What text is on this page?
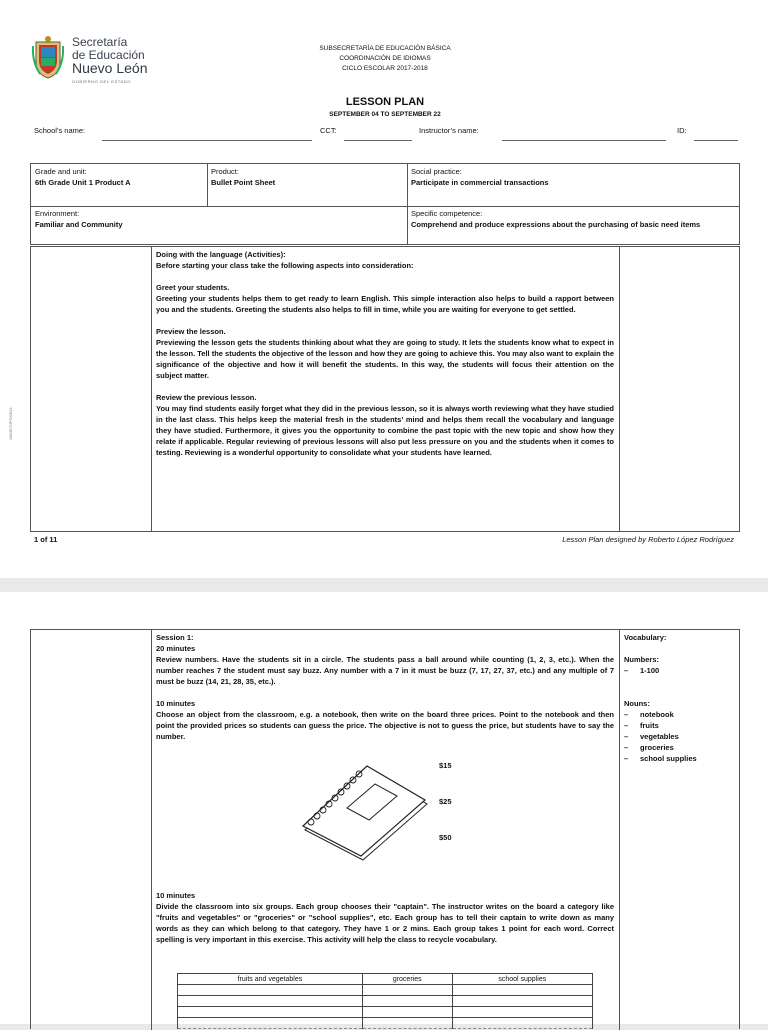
Secretaría
de Educación
Nuevo León
GOBIERNO DEL ESTADO
SUBSECRETARÍA DE EDUCACIÓN BÁSICA
COORDINACIÓN DE IDIOMAS
CICLO ESCOLAR 2017-2018
LESSON PLAN
SEPTEMBER 04 TO SEPTEMBER 22
School’s name:	CCT:	Instructor’s name:	ID:
Grade and unit:
6th Grade Unit 1 Product A
Product:
Bullet Point Sheet
Social practice:
Participate in commercial transactions
Environment:
Familiar and Community
Specific competence:
Comprehend and produce expressions about the purchasing of basic need items
Doing with the language (Activities):
Before starting your class take the following aspects into consideration:

Greet your students.

Greeting your students helps them to get ready to learn English. This simple interaction also helps to build a rapport between you and the students. Greeting the students also helps to fill in time, while you are waiting for everyone to get settled.

Preview the lesson.

Previewing the lesson gets the students thinking about what they are going to study. It lets the students know what to expect in the lesson. Tell the students the objective of the lesson and how they are going to achieve this. You may also want to explain the significance of the objective and how it will benefit the students. In this way, the students will focus their attention on the subject matter.

Review the previous lesson.

You may find students easily forget what they did in the previous lesson, so it is always worth reviewing what they have studied in the last class. This helps keep the material fresh in the students’ mind and helps them recall the vocabulary and language they have studied. Furthermore, it gives you the opportunity to combine the past topic with the new topic and show how they relate if applicable. Regular reviewing of previous lessons will also put less pressure on you and the students when it comes to testing. Reviewing is a wonderful opportunity to consolidate what your students have learned.

VAD/ETUPD/2014
1 of 11	Lesson Plan designed by Roberto López Rodríguez
Session 1:
20 minutes
Review numbers. Have the students sit in a circle. The students pass a ball around while counting (1, 2, 3, etc.). When the number reaches 7 the student must say buzz. Any number with a 7 in it must be buzz (7, 17, 27, 37, etc.) and any multiple of 7 must be buzz (14, 21, 28, 35, etc.).
10 minutes
Choose an object from the classroom, e.g. a notebook, then write on the board three prices. Point to the notebook and then point the provided prices so students can guess the price. The objective is not to guess the price, but students have to say the number.
$15
$25
$50
10 minutes
Divide the classroom into six groups. Each group chooses their "captain". The instructor writes on the board a category like "fruits and vegetables" or "groceries" or "school supplies", etc. Each group has to tell their captain to write down as many words as they can which belong to that category. They have 1 or 2 mins. Each group takes 1 point for each word. Correct spelling is very important in this exercise. This activity will help the class to recycle vocabulary.
fruits and vegetables	groceries	school supplies

Vocabulary:
Numbers:
– 1-100
Nouns:
– notebook
– fruits
– vegetables
– groceries
– school supplies
